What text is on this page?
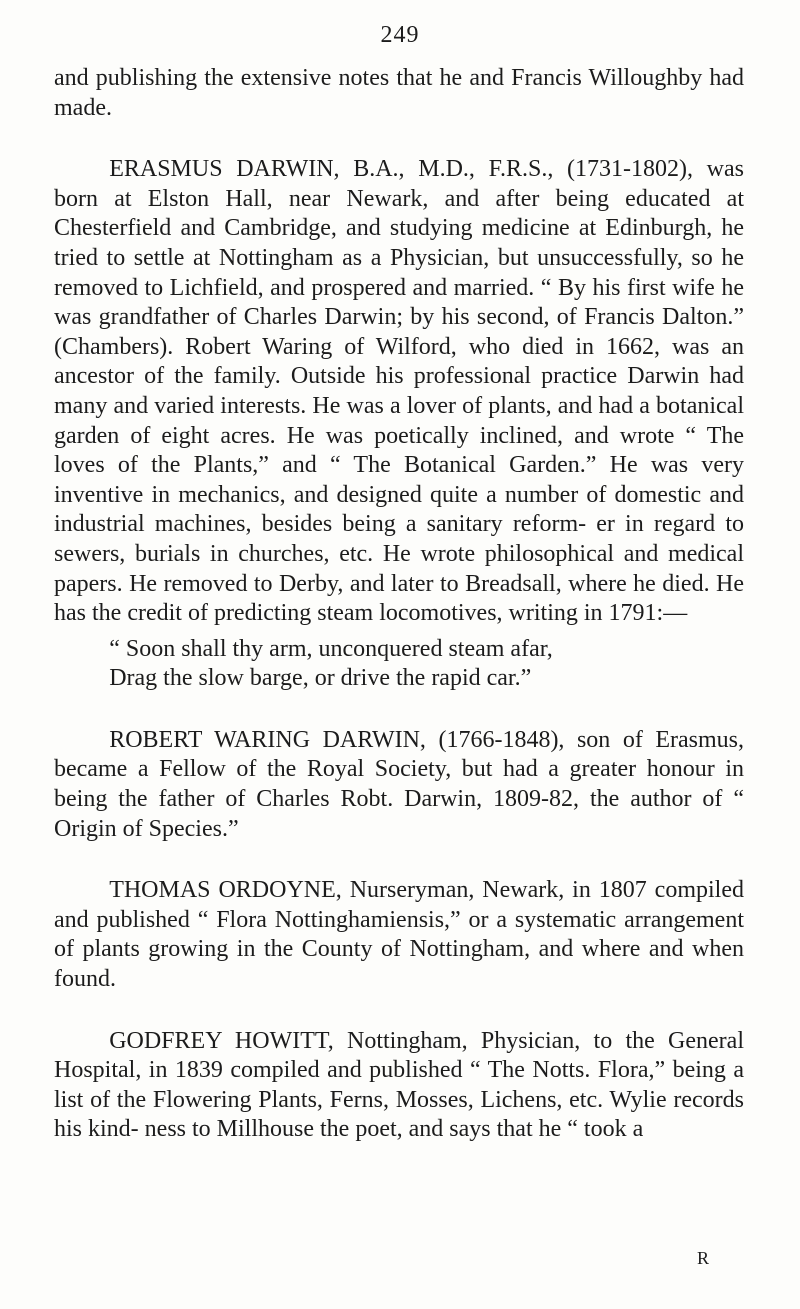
249

and publishing the extensive notes that he and Francis Willoughby had made.

ERASMUS DARWIN, B.A., M.D., F.R.S., (1731-1802), was born at Elston Hall, near Newark, and after being educated at Chesterfield and Cambridge, and studying medicine at Edinburgh, he tried to settle at Nottingham as a Physician, but unsuccessfully, so he removed to Lichfield, and prospered and married. “ By his first wife he was grandfather of Charles Darwin; by his second, of Francis Dalton.” (Chambers). Robert Waring of Wilford, who died in 1662, was an ancestor of the family. Outside his professional practice Darwin had many and varied interests. He was a lover of plants, and had a botanical garden of eight acres. He was poetically inclined, and wrote “ The loves of the Plants,” and “ The Botanical Garden.” He was very inventive in mechanics, and designed quite a number of domestic and industrial machines, besides being a sanitary reform- er in regard to sewers, burials in churches, etc. He wrote philosophical and medical papers. He removed to Derby, and later to Breadsall, where he died. He has the credit of predicting steam locomotives, writing in 1791:—

“ Soon shall thy arm, unconquered steam afar,
Drag the slow barge, or drive the rapid car.”

ROBERT WARING DARWIN, (1766-1848), son of Erasmus, became a Fellow of the Royal Society, but had a greater honour in being the father of Charles Robt. Darwin, 1809-82, the author of “ Origin of Species.”

THOMAS ORDOYNE, Nurseryman, Newark, in 1807 compiled and published “ Flora Nottinghamiensis,” or a systematic arrangement of plants growing in the County of Nottingham, and where and when found.

GODFREY HOWITT, Nottingham, Physician, to the General Hospital, in 1839 compiled and published “ The Notts. Flora,” being a list of the Flowering Plants, Ferns, Mosses, Lichens, etc. Wylie records his kind- ness to Millhouse the poet, and says that he “ took a

R
